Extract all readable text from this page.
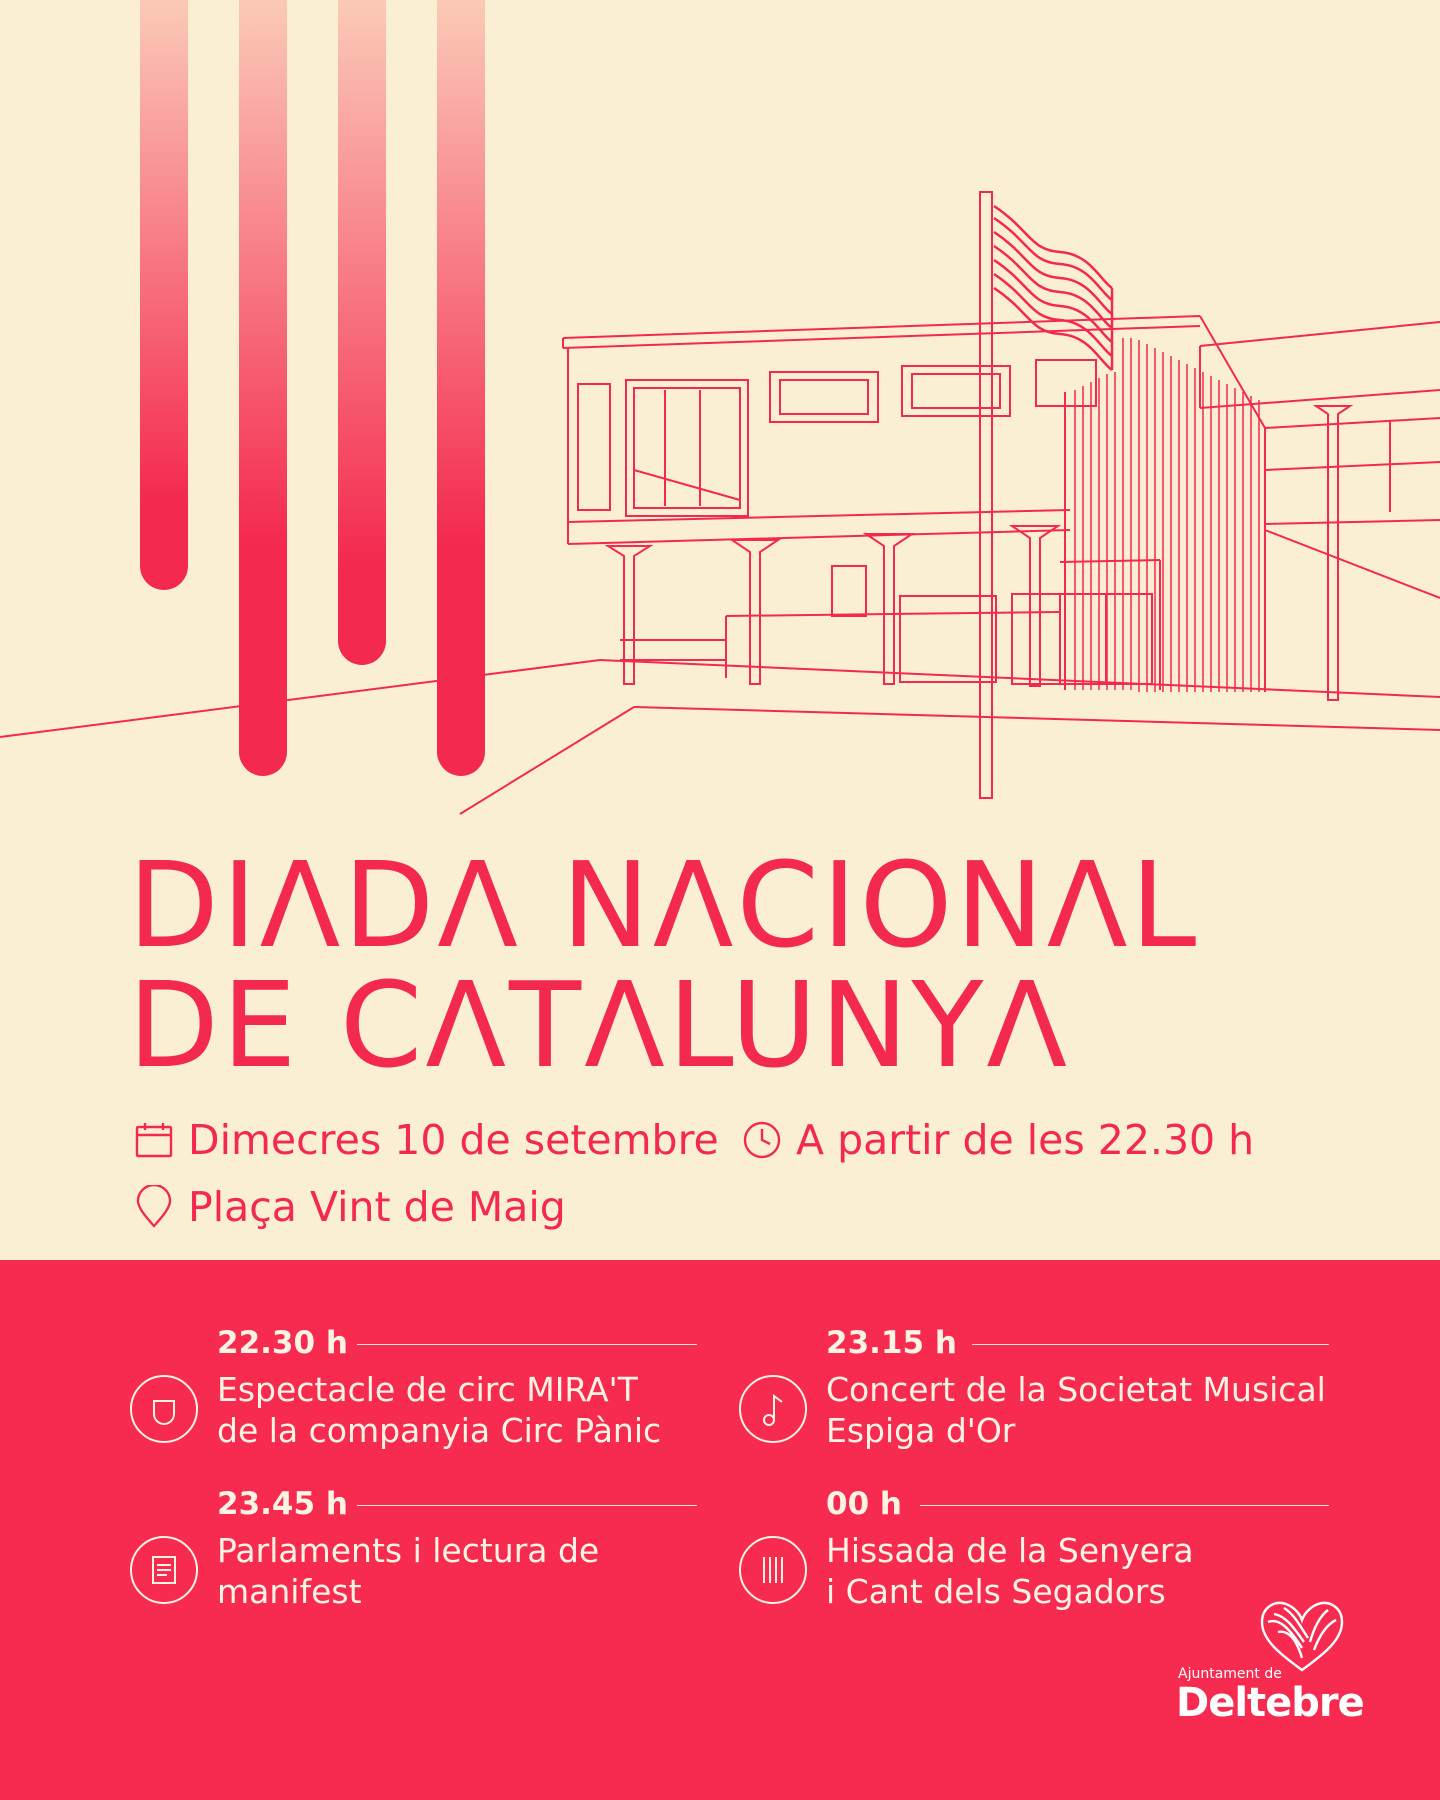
DIΛDΛ NΛCIONΛL
DE CΛTΛLUNYΛ
Dimecres 10 de setembre A partir de les 22.30 h
Plaça Vint de Maig
22.30 h
Espectacle de circ MIRA'T
de la companyia Circ Pànic
23.15 h
Concert de la Societat Musical
Espiga d'Or
23.45 h
Parlaments i lectura de
manifest
00 h
Hissada de la Senyera
i Cant dels Segadors
Ajuntament de
Deltebre
